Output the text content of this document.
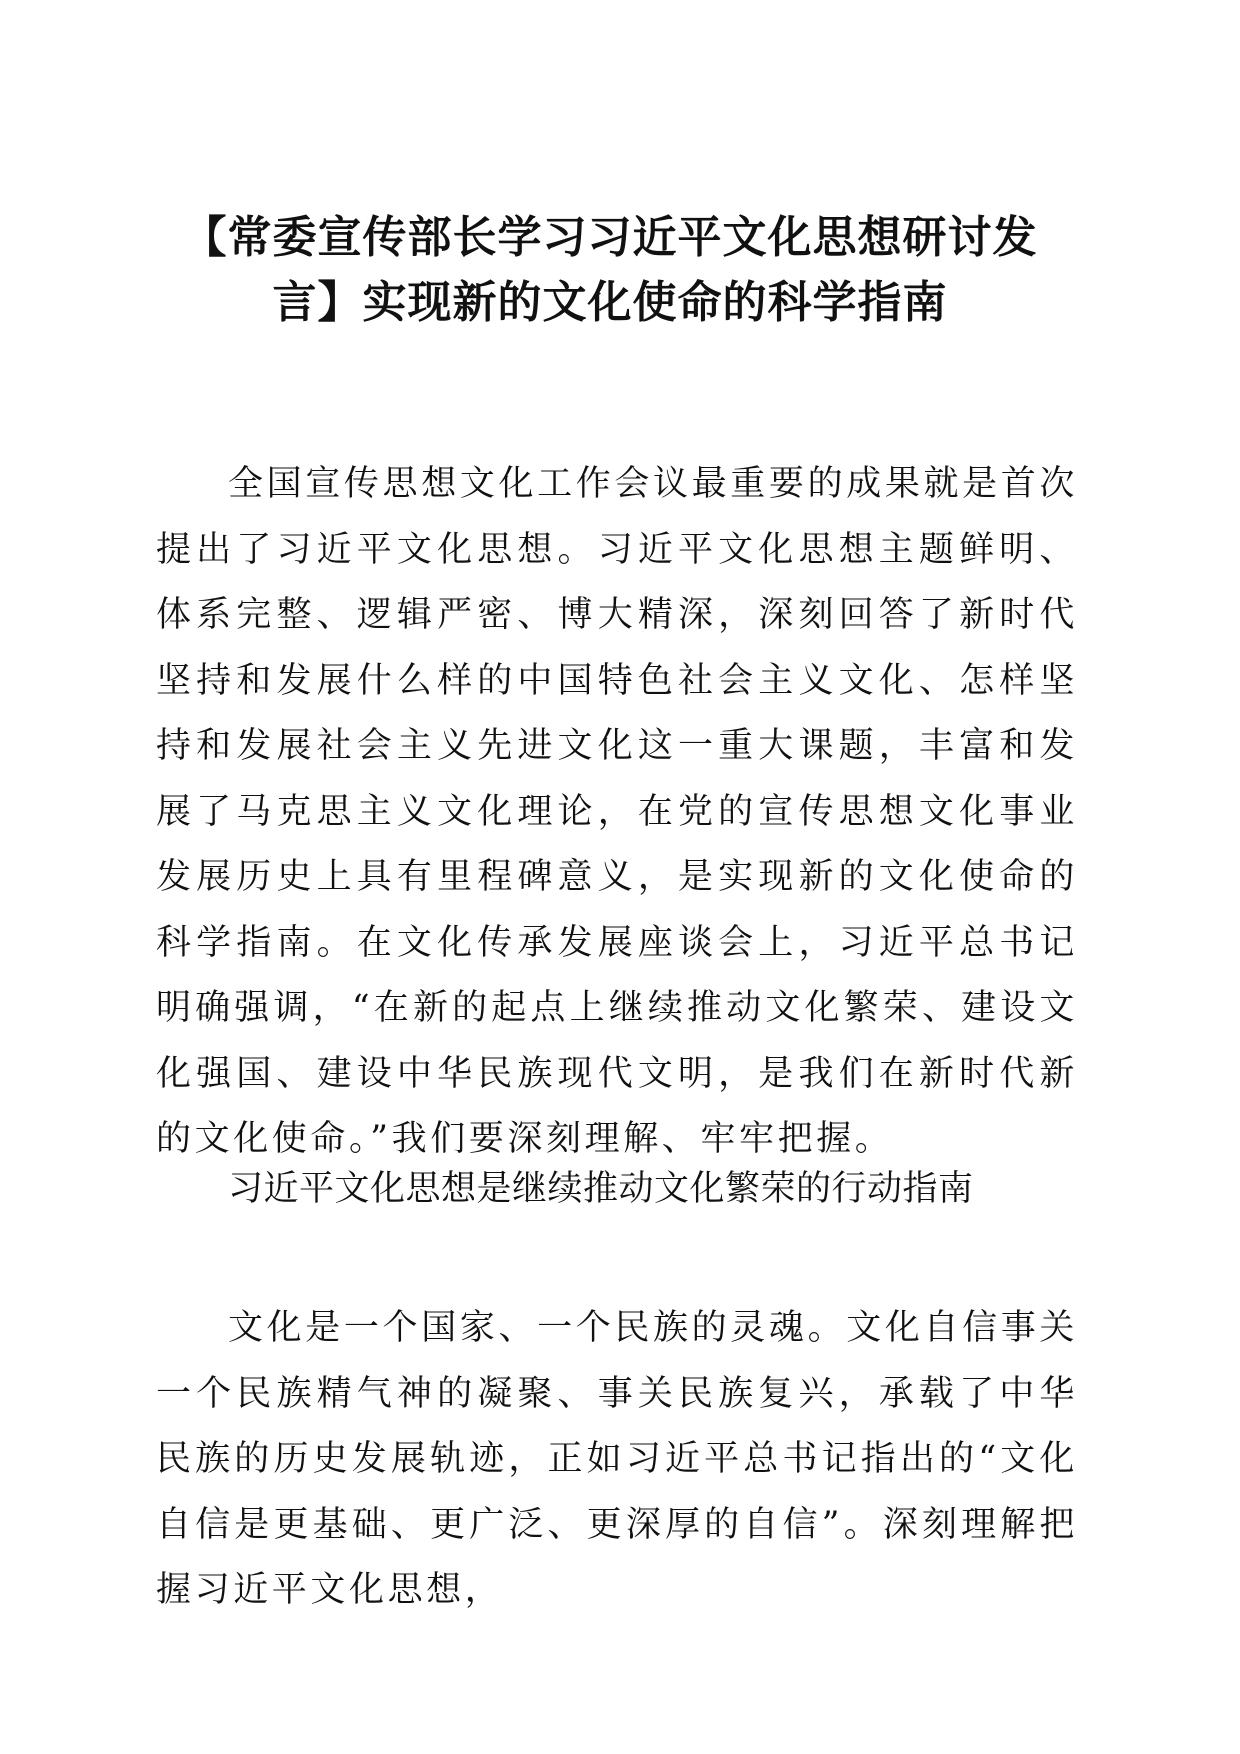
【常委宣传部长学习习近平文化思想研讨发
言】实现新的文化使命的科学指南

全国宣传思想文化工作会议最重要的成果就是首次提出了习近平文化思想。习近平文化思想主题鲜明、体系完整、逻辑严密、博大精深，深刻回答了新时代坚持和发展什么样的中国特色社会主义文化、怎样坚持和发展社会主义先进文化这一重大课题，丰富和发展了马克思主义文化理论，在党的宣传思想文化事业发展历史上具有里程碑意义，是实现新的文化使命的科学指南。在文化传承发展座谈会上，习近平总书记明确强调，“在新的起点上继续推动文化繁荣、建设文化强国、建设中华民族现代文明，是我们在新时代新的文化使命。”我们要深刻理解、牢牢把握。

习近平文化思想是继续推动文化繁荣的行动指南

文化是一个国家、一个民族的灵魂。文化自信事关一个民族精气神的凝聚、事关民族复兴，承载了中华民族的历史发展轨迹，正如习近平总书记指出的“文化自信是更基础、更广泛、更深厚的自信”。深刻理解把握习近平文化思想，
